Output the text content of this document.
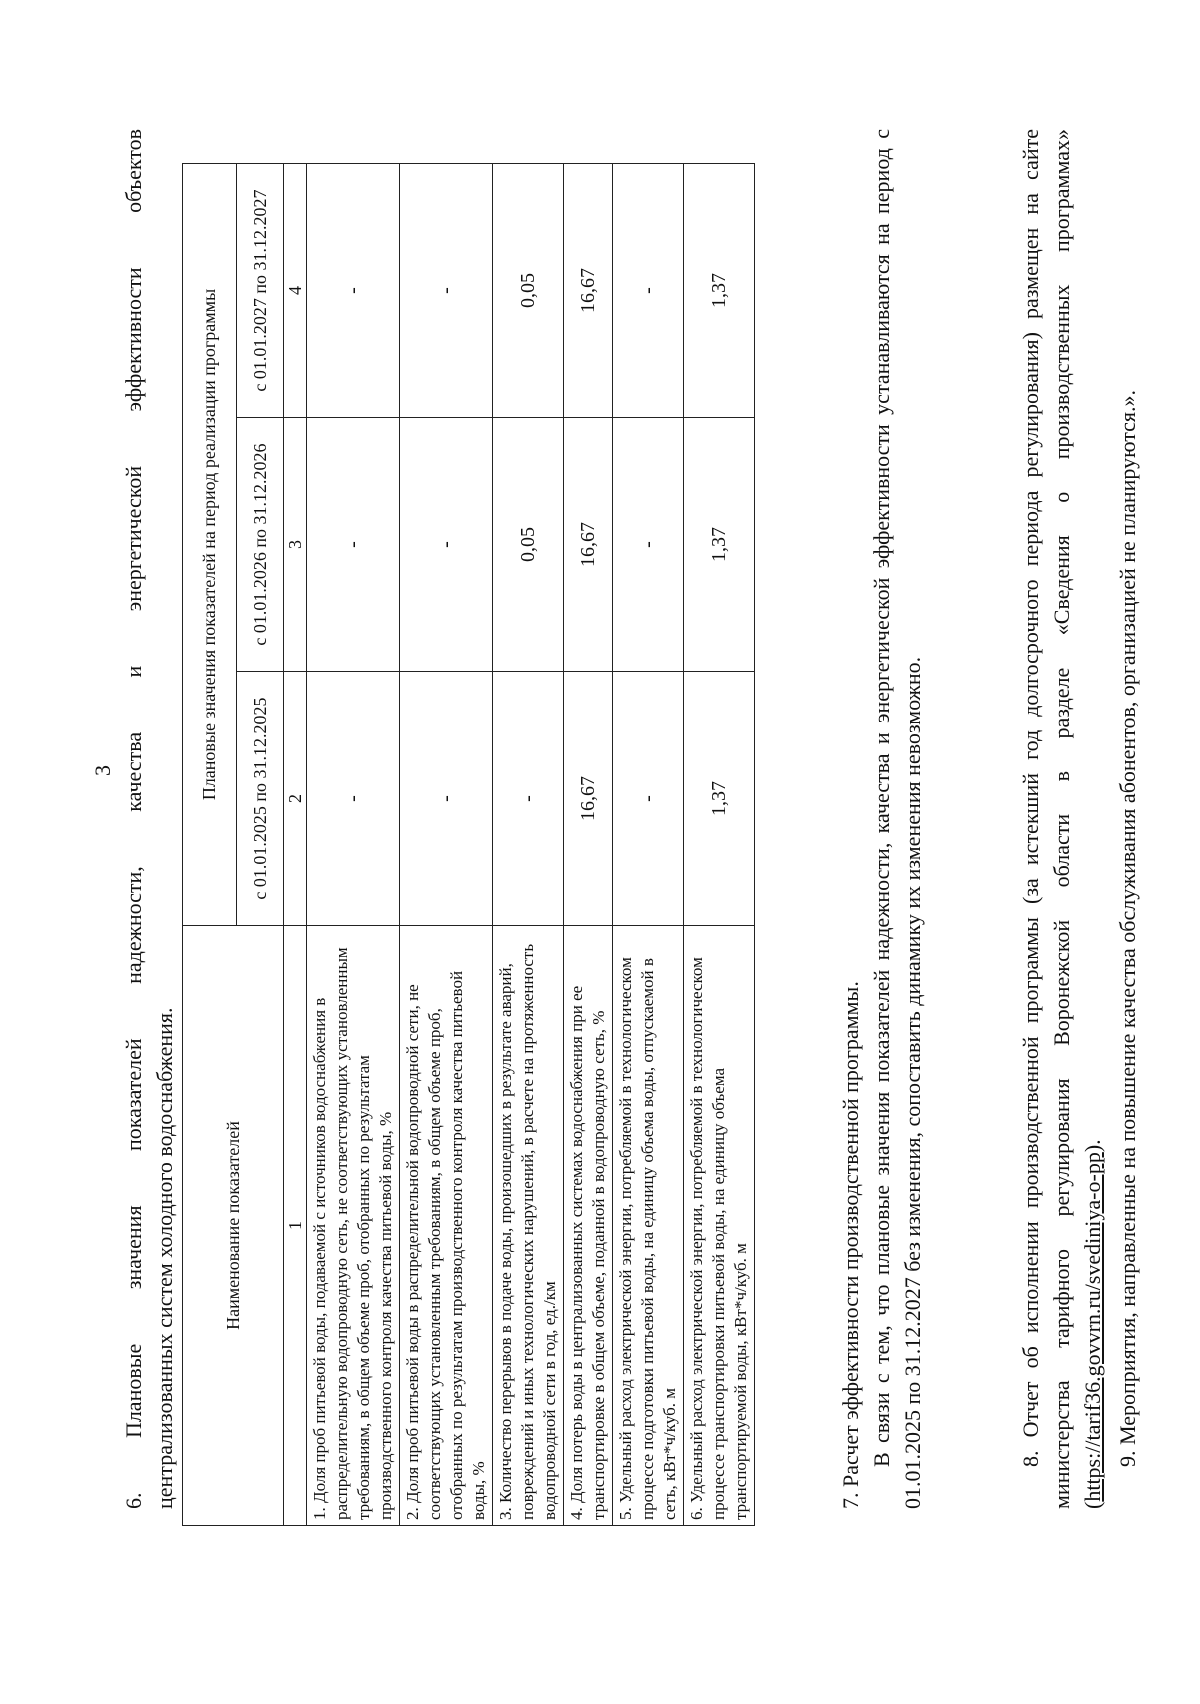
3 6. Плановые значения показателей надежности, качества и энергетической эффективности объектов централизованных систем холодного водоснабжения.	Наименование показателей	Плановые значения показателей на период реализации программы		
	с 01.01.2025 по 31.12.2025	с 01.01.2026 по 31.12.2026	с 01.01.2027 по 31.12.2027
1	2	3	4
1. Доля проб питьевой воды, подаваемой с источников водоснабжения в распределительную водопроводную сеть, не соответствующих установленным требованиям, в общем объеме проб, отобранных по результатам производственного контроля качества питьевой воды, %	-	-	-
2. Доля проб питьевой воды в распределительной водопроводной сети, не соответствующих установленным требованиям, в общем объеме проб, отобранных по результатам производственного контроля качества питьевой воды, %	-	-	-
3. Количество перерывов в подаче воды, произошедших в результате аварий, повреждений и иных технологических нарушений, в расчете на протяженность водопроводной сети в год, ед./км	-	0,05	0,05
4. Доля потерь воды в централизованных системах водоснабжения при ее транспортировке в общем объеме, поданной в водопроводную сеть, %	16,67	16,67	16,67
5. Удельный расход электрической энергии, потребляемой в технологическом процессе подготовки питьевой воды, на единицу объема воды, отпускаемой в сеть, кВт*ч/куб. м	-	-	-
6. Удельный расход электрической энергии, потребляемой в технологическом процессе транспортировки питьевой воды, на единицу объема транспортируемой воды, кВт*ч/куб. м	1,37	1,37	1,37
7. Расчет эффективности производственной программы. В связи с тем, что плановые значения показателей надежности, качества и энергетической эффективности устанавливаются на период с 01.01.2025 по 31.12.2027 без изменения, сопоставить динамику их изменения невозможно.	8. Отчет об исполнении производственной программы (за истекший год долгосрочного периода регулирования) размещен на сайте министерства тарифного регулирования Воронежской области в разделе «Сведения о производственных программах» (https://tarif36.govvrn.ru/svediniya-o-pp). 9. Мероприятия, направленные на повышение качества обслуживания абонентов, организацией не планируются.».
